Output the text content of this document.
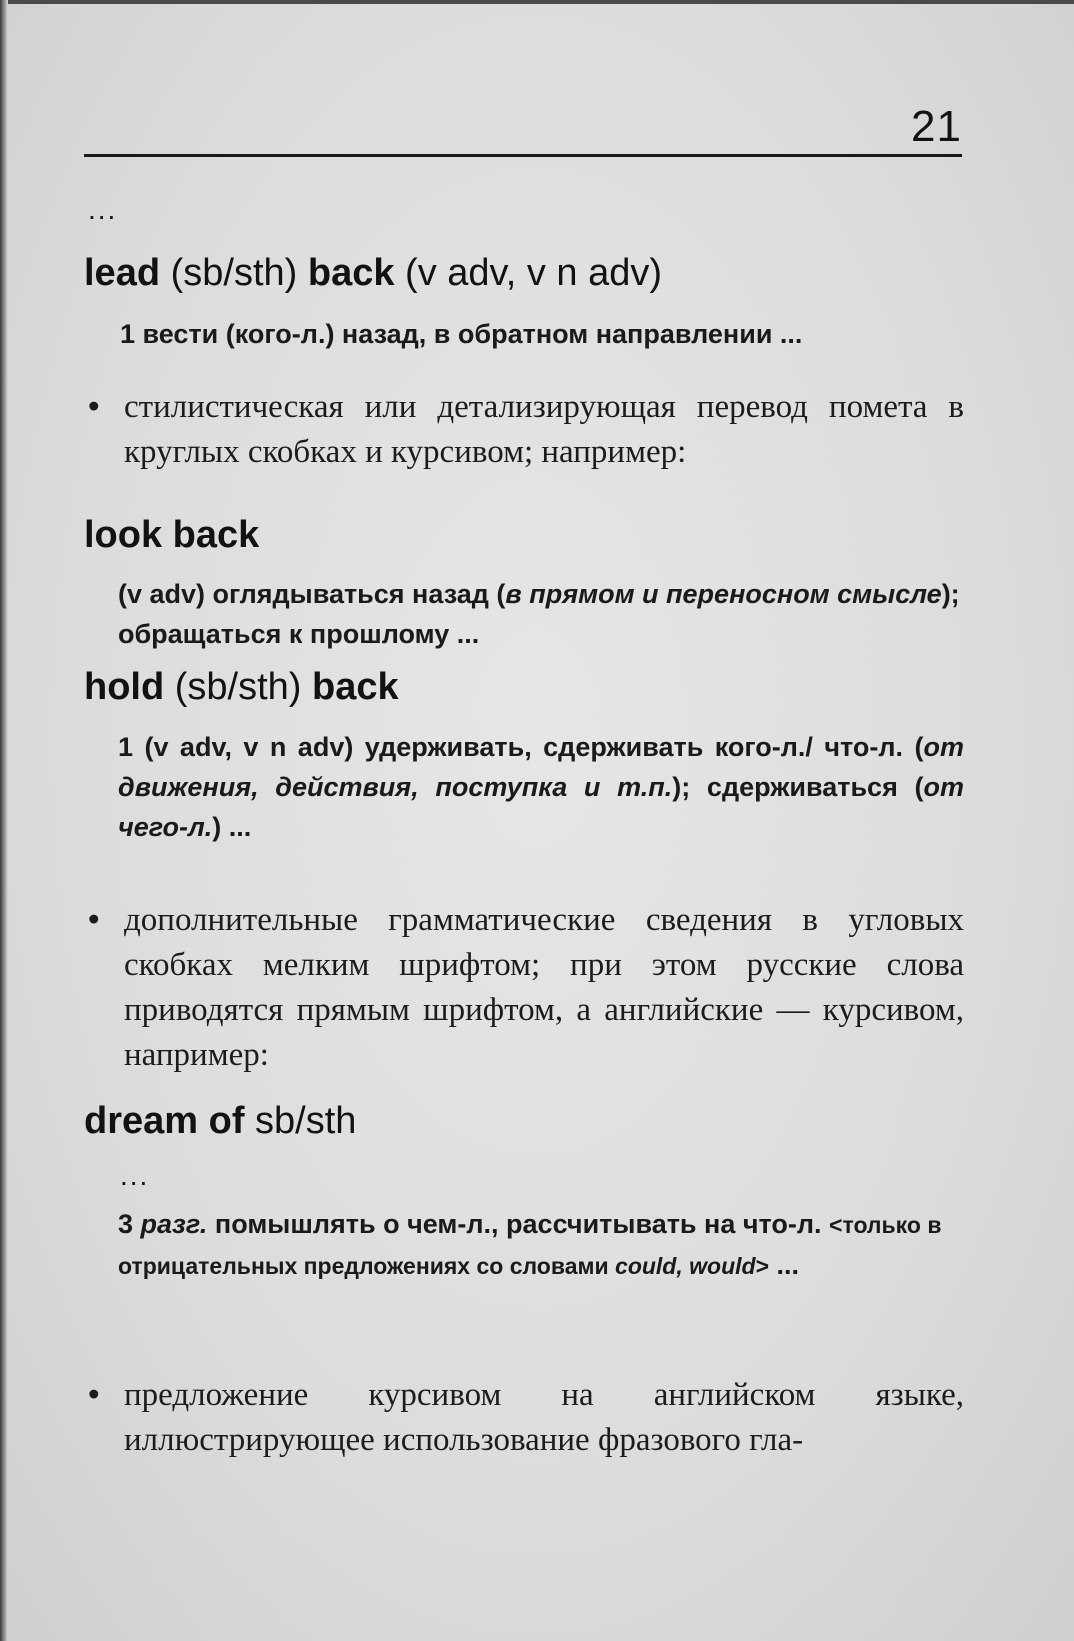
21
...
lead (sb/sth) back (v adv, v n adv)
1 вести (кого-л.) назад, в обратном направлении ...
• стилистическая или детализирующая перевод помета в круглых скобках и курсивом; например:
look back
(v adv) оглядываться назад (в прямом и переносном смысле); обращаться к прошлому ...
hold (sb/sth) back
1 (v adv, v n adv) удерживать, сдерживать кого-л./ что-л. (от движения, действия, поступка и т.п.); сдерживаться (от чего-л.) ...
• дополнительные грамматические сведения в угловых скобках мелким шрифтом; при этом русские слова приводятся прямым шрифтом, а английские — курсивом, например:
dream of sb/sth
...
3 разг. помышлять о чем-л., рассчитывать на что-л. <только в отрицательных предложениях со словами could, would> ...
• предложение курсивом на английском языке, иллюстрирующее использование фразового гла-
